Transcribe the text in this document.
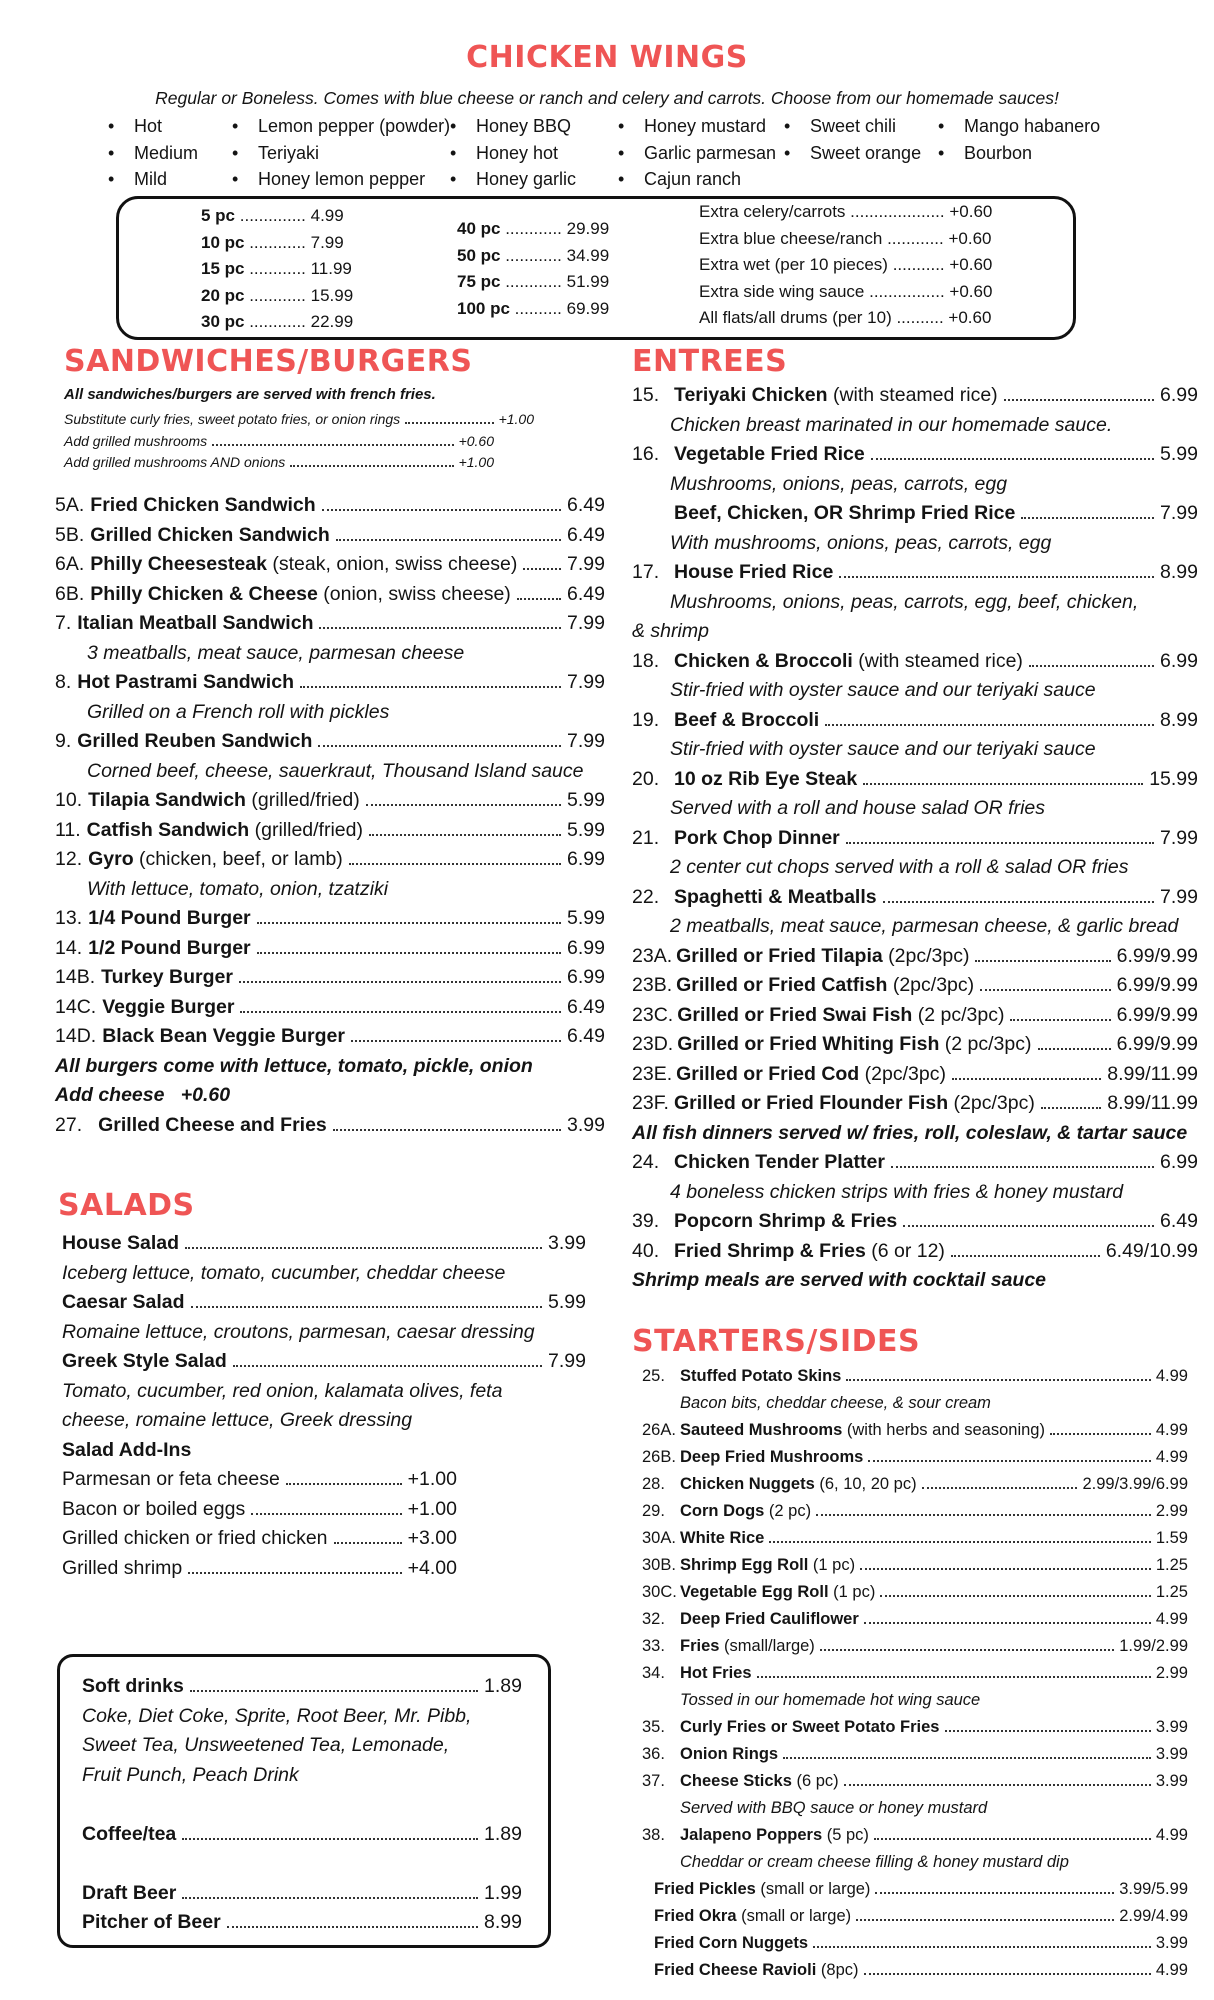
CHICKEN WINGS
Regular or Boneless. Comes with blue cheese or ranch and celery and carrots. Choose from our homemade sauces!
• Hot
• Medium
• Mild
• Lemon pepper (powder)
• Teriyaki
• Honey lemon pepper
• Honey BBQ
• Honey hot
• Honey garlic
• Honey mustard
• Garlic parmesan
• Cajun ranch
• Sweet chili
• Sweet orange
• Mango habanero
• Bourbon
5 pc .............. 4.99
10 pc ............ 7.99
15 pc ............ 11.99
20 pc ............ 15.99
30 pc ............ 22.99
40 pc ............ 29.99
50 pc ............ 34.99
75 pc ............ 51.99
100 pc .......... 69.99
Extra celery/carrots .................... +0.60
Extra blue cheese/ranch ............ +0.60
Extra wet (per 10 pieces) ........... +0.60
Extra side wing sauce ................ +0.60
All flats/all drums (per 10) .......... +0.60
SANDWICHES/BURGERS
All sandwiches/burgers are served with french fries.
Substitute curly fries, sweet potato fries, or onion rings	+1.00
Add grilled mushrooms	+0.60
Add grilled mushrooms AND onions	+1.00
5A. Fried Chicken Sandwich	6.49
5B. Grilled Chicken Sandwich	6.49
6A. Philly Cheesesteak (steak, onion, swiss cheese)	7.99
6B. Philly Chicken & Cheese (onion, swiss cheese)	6.49
7. Italian Meatball Sandwich	7.99
3 meatballs, meat sauce, parmesan cheese
8. Hot Pastrami Sandwich	7.99
Grilled on a French roll with pickles
9. Grilled Reuben Sandwich	7.99
Corned beef, cheese, sauerkraut, Thousand Island sauce
10. Tilapia Sandwich (grilled/fried)	5.99
11. Catfish Sandwich (grilled/fried)	5.99
12. Gyro (chicken, beef, or lamb)	6.99
With lettuce, tomato, onion, tzatziki
13. 1/4 Pound Burger	5.99
14. 1/2 Pound Burger	6.99
14B. Turkey Burger	6.99
14C. Veggie Burger	6.49
14D. Black Bean Veggie Burger	6.49
All burgers come with lettuce, tomato, pickle, onion
Add cheese   +0.60
27. Grilled Cheese and Fries	3.99
SALADS
House Salad	3.99
Iceberg lettuce, tomato, cucumber, cheddar cheese
Caesar Salad	5.99
Romaine lettuce, croutons, parmesan, caesar dressing
Greek Style Salad	7.99
Tomato, cucumber, red onion, kalamata olives, feta
cheese, romaine lettuce, Greek dressing
Salad Add-Ins
Parmesan or feta cheese	+1.00
Bacon or boiled eggs	+1.00
Grilled chicken or fried chicken	+3.00
Grilled shrimp	+4.00
Soft drinks	1.89
Coke, Diet Coke, Sprite, Root Beer, Mr. Pibb,
Sweet Tea, Unsweetened Tea, Lemonade,
Fruit Punch, Peach Drink
Coffee/tea	1.89
Draft Beer	1.99
Pitcher of Beer	8.99
ENTREES
15. Teriyaki Chicken (with steamed rice)	6.99
Chicken breast marinated in our homemade sauce.
16. Vegetable Fried Rice	5.99
Mushrooms, onions, peas, carrots, egg
Beef, Chicken, OR Shrimp Fried Rice	7.99
With mushrooms, onions, peas, carrots, egg
17. House Fried Rice	8.99
Mushrooms, onions, peas, carrots, egg, beef, chicken,
& shrimp
18. Chicken & Broccoli (with steamed rice)	6.99
Stir-fried with oyster sauce and our teriyaki sauce
19. Beef & Broccoli	8.99
Stir-fried with oyster sauce and our teriyaki sauce
20. 10 oz Rib Eye Steak	15.99
Served with a roll and house salad OR fries
21. Pork Chop Dinner	7.99
2 center cut chops served with a roll & salad OR fries
22. Spaghetti & Meatballs	7.99
2 meatballs, meat sauce, parmesan cheese, & garlic bread
23A. Grilled or Fried Tilapia (2pc/3pc)	6.99/9.99
23B. Grilled or Fried Catfish (2pc/3pc)	6.99/9.99
23C. Grilled or Fried Swai Fish (2 pc/3pc)	6.99/9.99
23D. Grilled or Fried Whiting Fish (2 pc/3pc)	6.99/9.99
23E. Grilled or Fried Cod (2pc/3pc)	8.99/11.99
23F. Grilled or Fried Flounder Fish (2pc/3pc)	8.99/11.99
All fish dinners served w/ fries, roll, coleslaw, & tartar sauce
24. Chicken Tender Platter	6.99
4 boneless chicken strips with fries & honey mustard
39. Popcorn Shrimp & Fries	6.49
40. Fried Shrimp & Fries (6 or 12)	6.49/10.99
Shrimp meals are served with cocktail sauce
STARTERS/SIDES
25. Stuffed Potato Skins	4.99
Bacon bits, cheddar cheese, & sour cream
26A. Sauteed Mushrooms (with herbs and seasoning)	4.99
26B. Deep Fried Mushrooms	4.99
28. Chicken Nuggets (6, 10, 20 pc)	2.99/3.99/6.99
29. Corn Dogs (2 pc)	2.99
30A. White Rice	1.59
30B. Shrimp Egg Roll (1 pc)	1.25
30C. Vegetable Egg Roll (1 pc)	1.25
32. Deep Fried Cauliflower	4.99
33. Fries (small/large)	1.99/2.99
34. Hot Fries	2.99
Tossed in our homemade hot wing sauce
35. Curly Fries or Sweet Potato Fries	3.99
36. Onion Rings	3.99
37. Cheese Sticks (6 pc)	3.99
Served with BBQ sauce or honey mustard
38. Jalapeno Poppers (5 pc)	4.99
Cheddar or cream cheese filling & honey mustard dip
Fried Pickles (small or large)	3.99/5.99
Fried Okra (small or large)	2.99/4.99
Fried Corn Nuggets	3.99
Fried Cheese Ravioli (8pc)	4.99
